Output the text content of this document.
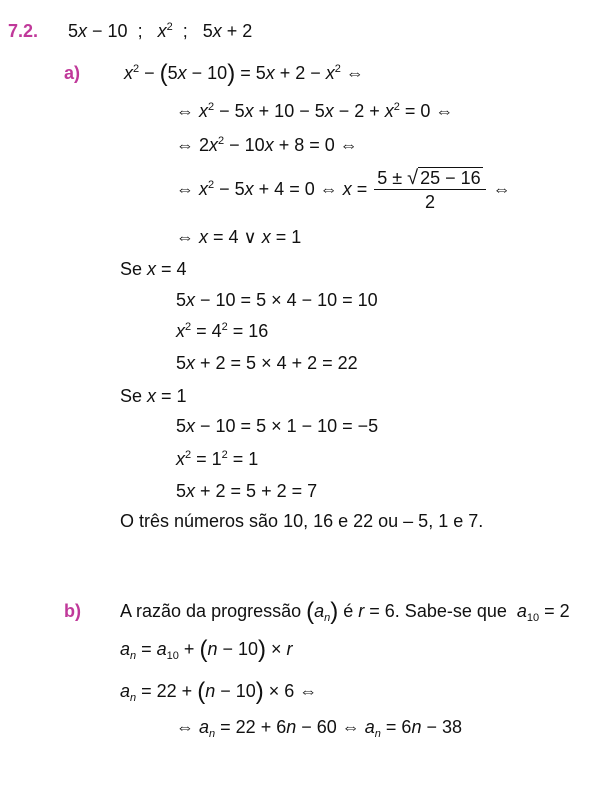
7.2. 5x − 10  ;   $x^2$  ;   5x + 2
a) $x^2 - (5x - 10) = 5x + 2 - x^2$ ⇔
⇔ $x^2 - 5x + 10 - 5x - 2 + x^2 = 0$ ⇔
⇔ $2x^2 - 10x + 8 = 0$ ⇔
⇔ $x^2 - 5x + 4 = 0$ ⇔ $x = \frac{5 \pm √ 25 - 16}{2}$ ⇔
⇔ x = 4 ∨ x = 1
Se x = 4
5x − 10 = 5 × 4 − 10 = 10
$x^2 = 4^2 = 16$
5x + 2 = 5 × 4 + 2 = 22
Se x = 1
5x − 10 = 5 × 1 − 10 = −5
$x^2 = 1^2 = 1$
5x + 2 = 5 + 2 = 7
O três números são 10, 16 e 22 ou – 5, 1 e 7.
b) A razão da progressão $(a_n)$ é r = 6. Sabe-se que  $a_{10} = 2$
$a_n = a_{10} + (n - 10) \times r$
$a_n = 22 + (n - 10) \times 6$ ⇔
⇔ $a_n = 22 + 6n - 60$ ⇔ $a_n = 6n - 38$
